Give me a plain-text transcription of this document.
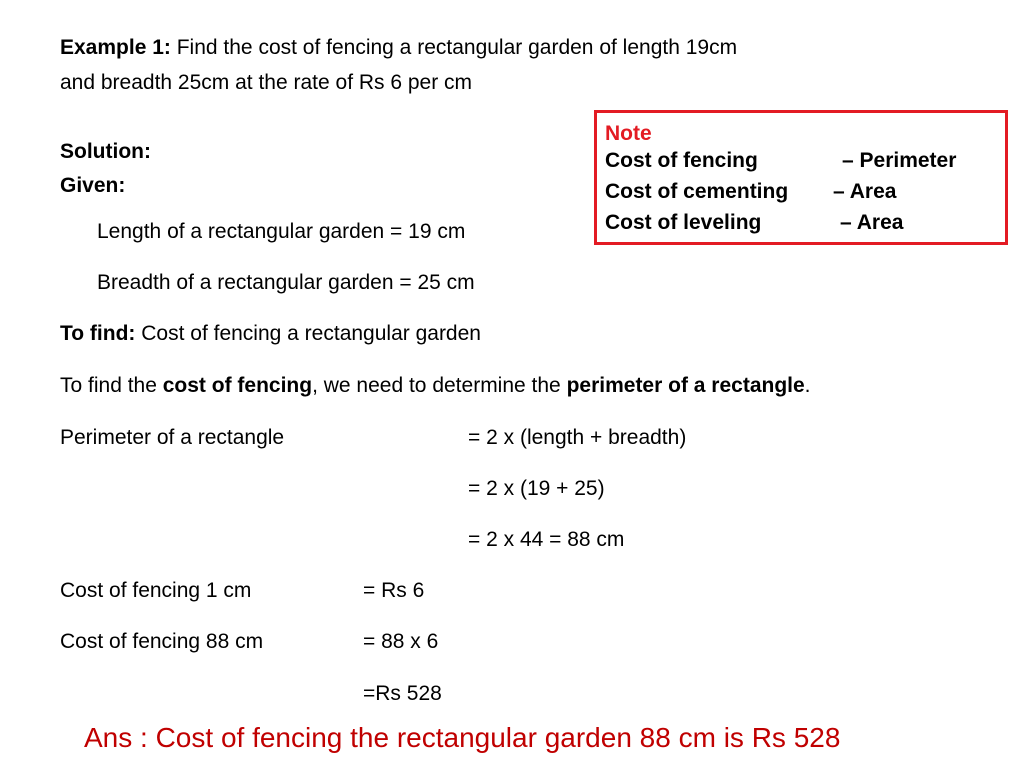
Example 1: Find the cost of fencing a rectangular garden of length 19cm
and breadth 25cm at the rate of Rs 6 per cm
Note
Cost of fencing	– Perimeter
Cost of cementing – Area
Cost of leveling	– Area
Solution:
Given:
Length of a rectangular garden = 19 cm
Breadth of a rectangular garden = 25 cm
To find: Cost of fencing a rectangular garden
To find the cost of fencing, we need to determine the perimeter of a rectangle.
Perimeter of a rectangle	= 2 x (length + breadth)
= 2 x (19 + 25)
= 2 x 44 = 88 cm
Cost of fencing 1 cm	= Rs 6
Cost of fencing 88 cm	= 88 x 6
=Rs 528
Ans : Cost of fencing the rectangular garden 88 cm is Rs 528
